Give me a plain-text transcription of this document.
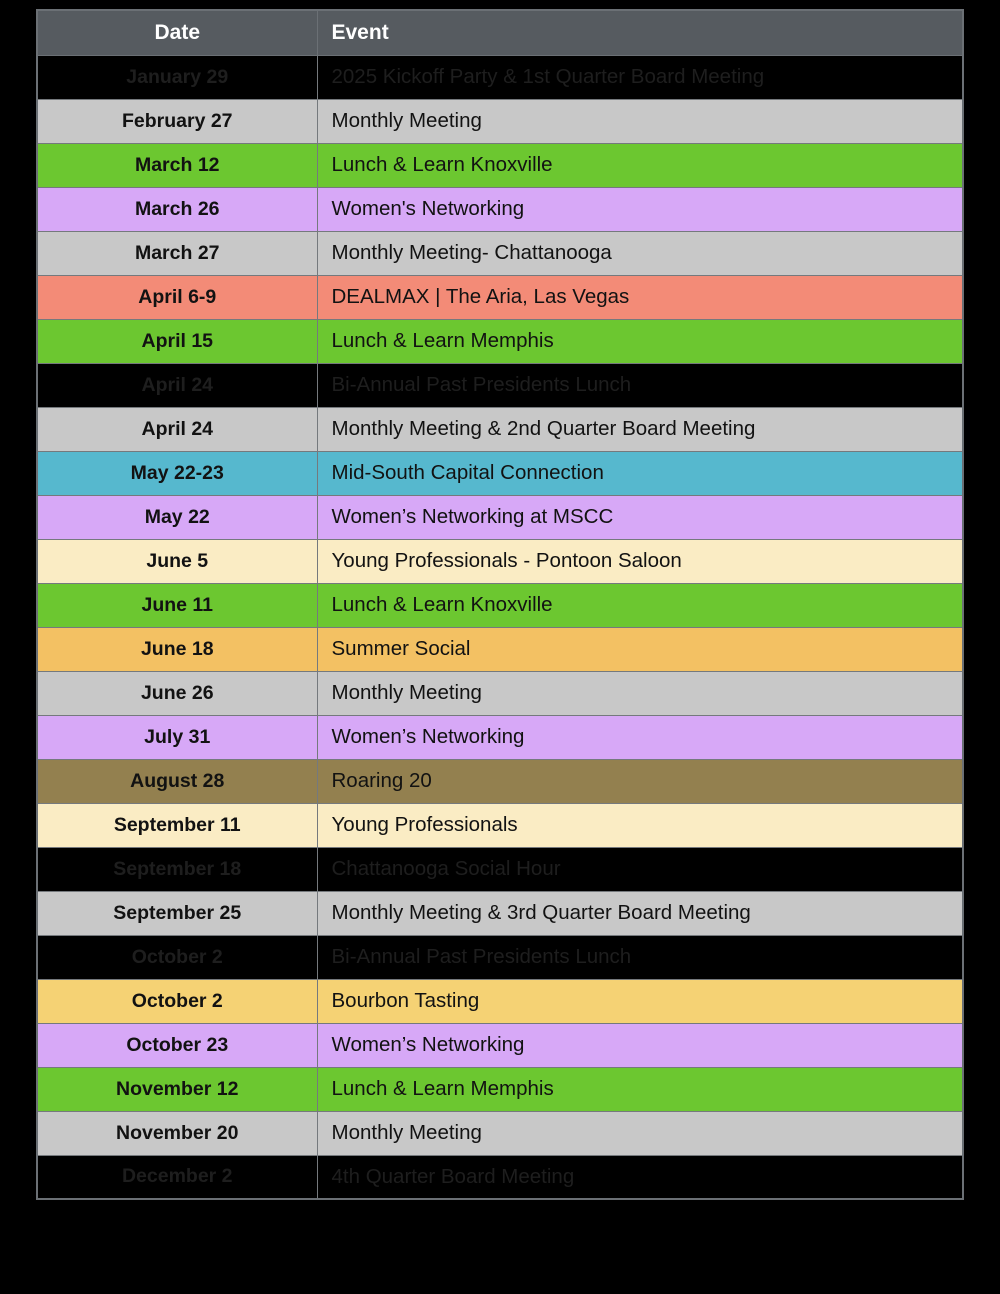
Date	Event
January 29	2025 Kickoff Party & 1st Quarter Board Meeting
February 27	Monthly Meeting
March 12	Lunch & Learn Knoxville
March 26	Women's Networking
March 27	Monthly Meeting- Chattanooga
April 6-9	DEALMAX | The Aria, Las Vegas
April 15	Lunch & Learn Memphis
April 24	Bi-Annual Past Presidents Lunch
April 24	Monthly Meeting & 2nd Quarter Board Meeting
May 22-23	Mid-South Capital Connection
May 22	Women’s Networking at MSCC
June 5	Young Professionals - Pontoon Saloon
June 11	Lunch & Learn Knoxville
June 18	Summer Social
June 26	Monthly Meeting
July 31	Women’s Networking
August 28	Roaring 20
September 11	Young Professionals
September 18	Chattanooga Social Hour
September 25	Monthly Meeting & 3rd Quarter Board Meeting
October 2	Bi-Annual Past Presidents Lunch
October 2	Bourbon Tasting
October 23	Women’s Networking
November 12	Lunch & Learn Memphis
November 20	Monthly Meeting
December 2	4th Quarter Board Meeting
